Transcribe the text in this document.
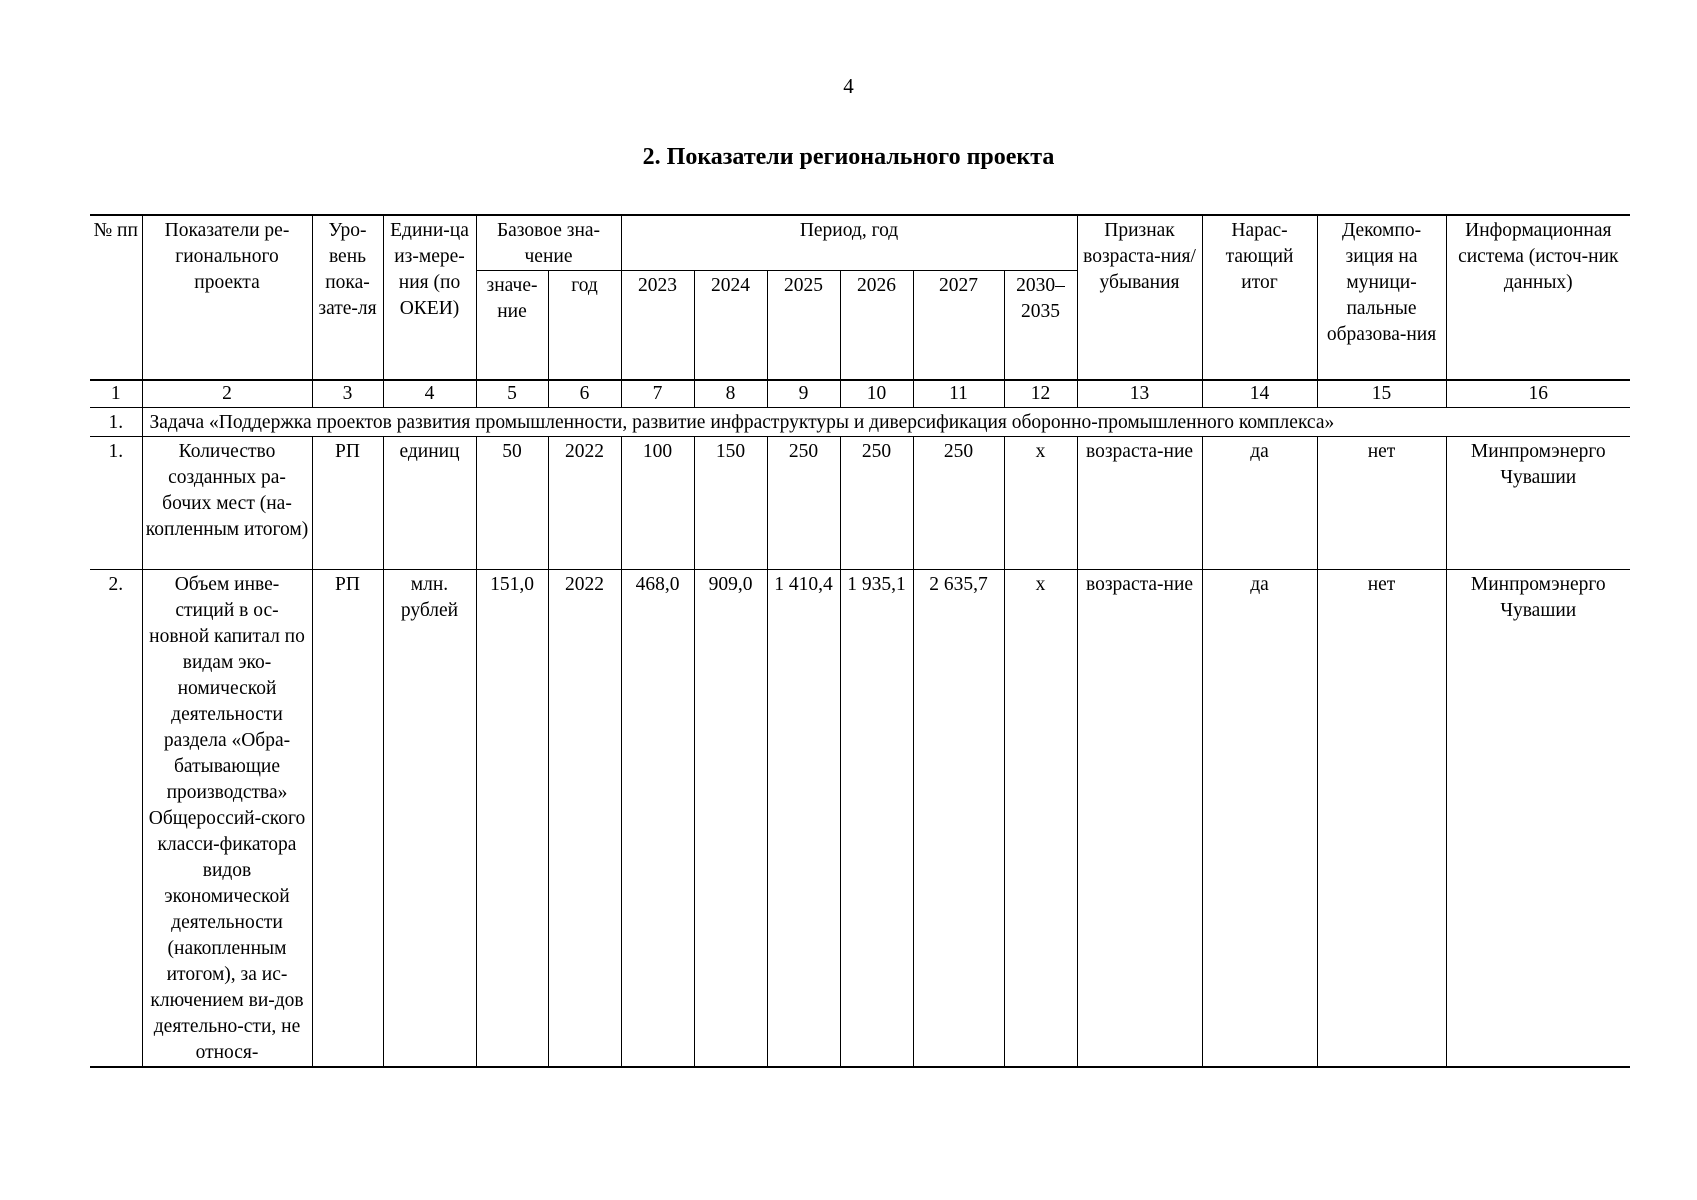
4
2. Показатели регионального проекта
№ пп	Показатели ре-гионального проекта	Уро-вень пока-зате-ля	Едини-ца из-мере-ния (по ОКЕИ)	Базовое зна-чение		Период, год						Признак возраста-ния/ убывания	Нарас-тающий итог	Декомпо-зиция на муници-пальные образова-ния	Информационная система (источ-ник данных)
				значе-ние	год	2023	2024	2025	2026	2027	2030–2035				
1	2	3	4	5	6	7	8	9	10	11	12	13	14	15	16
1.	Задача «Поддержка проектов развития промышленности, развитие инфраструктуры и диверсификация оборонно-промышленного комплекса»														
1.	Количество созданных ра-бочих мест (на-копленным итогом)	РП	единиц	50	2022	100	150	250	250	250	х	возраста-ние	да	нет	Минпромэнерго Чувашии
2.	Объем инве-стиций в ос-новной капитал по видам эко-номической деятельности раздела «Обра-батывающие производства» Общероссий-ского класси-фикатора видов экономической деятельности (накопленным итогом), за ис-ключением ви-дов деятельно-сти, не относя-	РП	млн. рублей	151,0	2022	468,0	909,0	1 410,4	1 935,1	2 635,7	х	возраста-ние	да	нет	Минпромэнерго Чувашии
